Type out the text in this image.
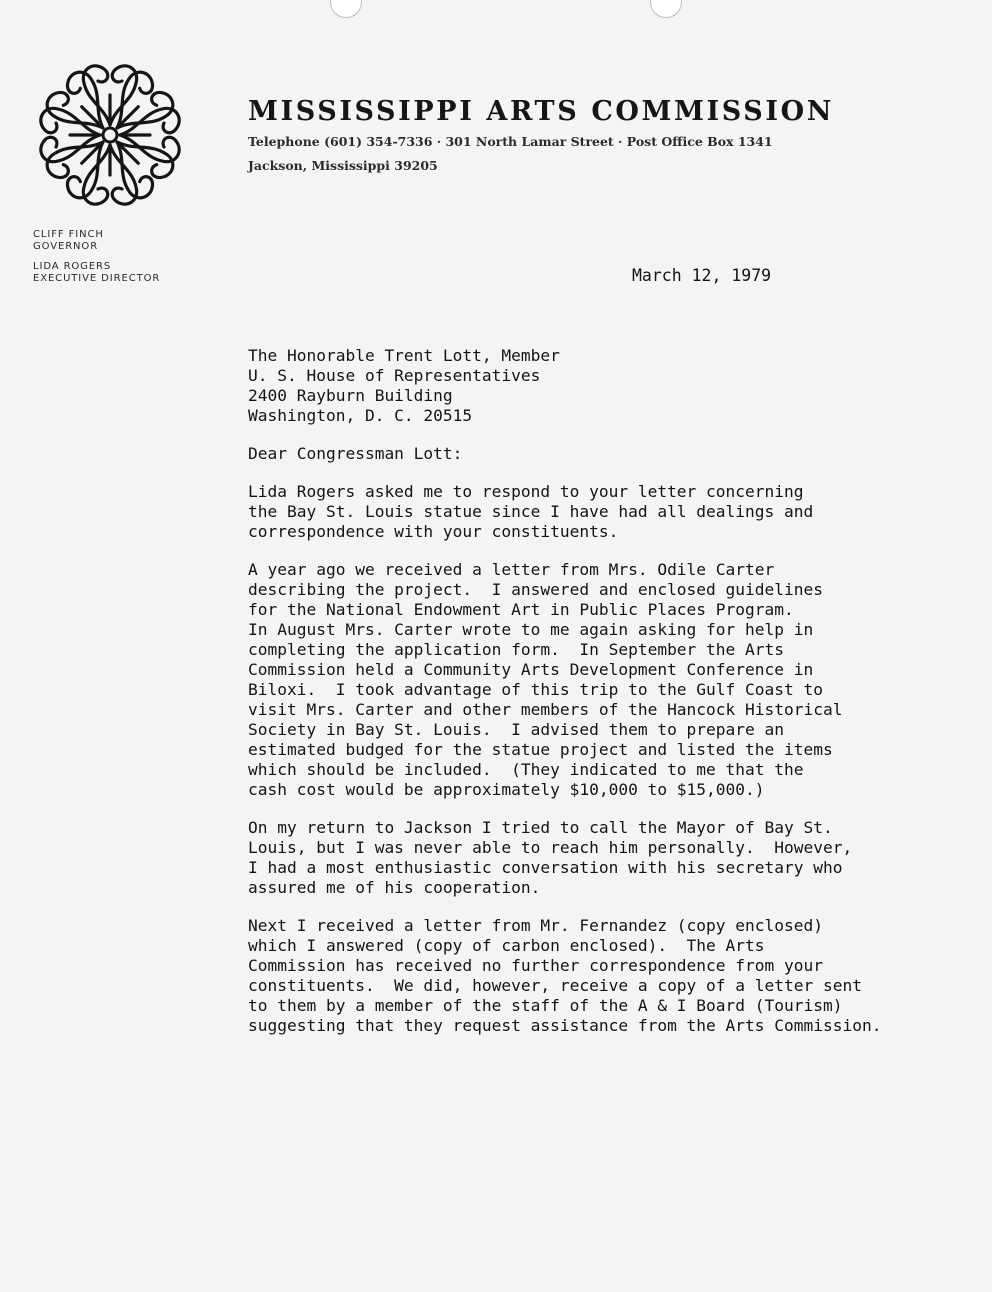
MISSISSIPPI ARTS COMMISSION
Telephone (601) 354-7336 · 301 North Lamar Street · Post Office Box 1341
Jackson, Mississippi 39205
CLIFF FINCH
GOVERNOR
LIDA ROGERS
EXECUTIVE DIRECTOR	March 12, 1979
The Honorable Trent Lott, Member
U. S. House of Representatives
2400 Rayburn Building
Washington, D. C. 20515
Dear Congressman Lott:
Lida Rogers asked me to respond to your letter concerning
the Bay St. Louis statue since I have had all dealings and
correspondence with your constituents.
A year ago we received a letter from Mrs. Odile Carter
describing the project.  I answered and enclosed guidelines
for the National Endowment Art in Public Places Program.
In August Mrs. Carter wrote to me again asking for help in
completing the application form.  In September the Arts
Commission held a Community Arts Development Conference in
Biloxi.  I took advantage of this trip to the Gulf Coast to
visit Mrs. Carter and other members of the Hancock Historical
Society in Bay St. Louis.  I advised them to prepare an
estimated budged for the statue project and listed the items
which should be included.  (They indicated to me that the
cash cost would be approximately $10,000 to $15,000.)
On my return to Jackson I tried to call the Mayor of Bay St.
Louis, but I was never able to reach him personally.  However,
I had a most enthusiastic conversation with his secretary who
assured me of his cooperation.
Next I received a letter from Mr. Fernandez (copy enclosed)
which I answered (copy of carbon enclosed).  The Arts
Commission has received no further correspondence from your
constituents.  We did, however, receive a copy of a letter sent
to them by a member of the staff of the A & I Board (Tourism)
suggesting that they request assistance from the Arts Commission.
